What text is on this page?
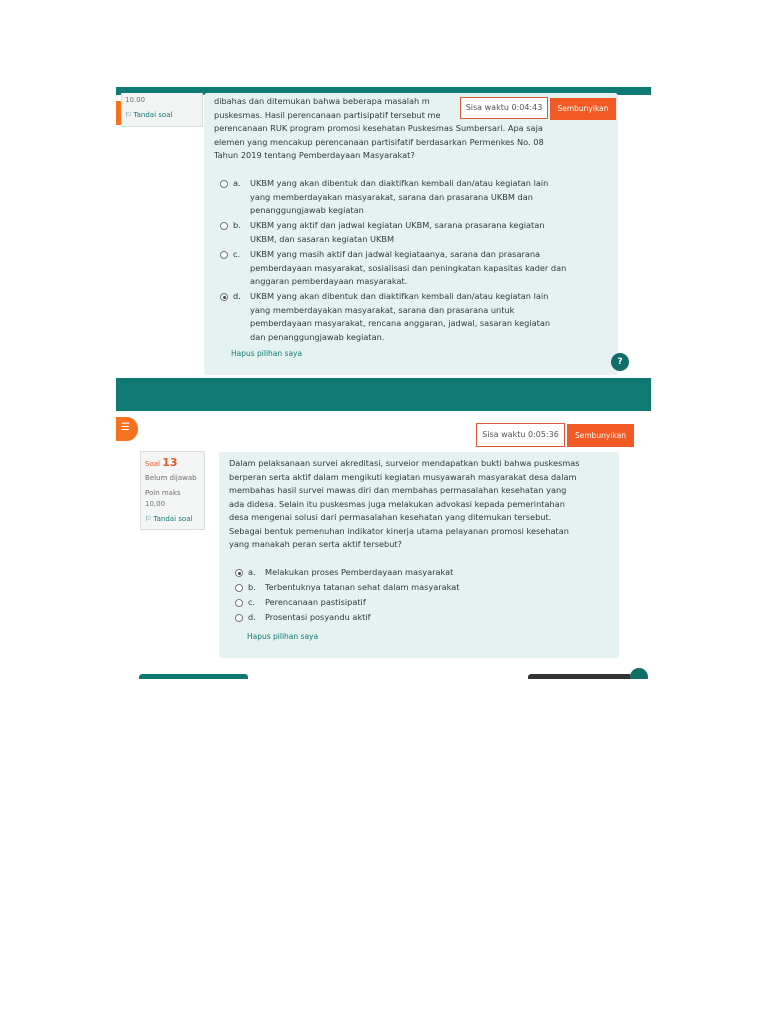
10.00
⚐ Tandai soal
dibahas dan ditemukan bahwa beberapa masalah m
puskesmas. Hasil perencanaan partisipatif tersebut me
perencanaan RUK program promosi kesehatan Puskesmas Sumbersari. Apa saja
elemen yang mencakup perencanaan partisifatif berdasarkan Permenkes No. 08
Tahun 2019 tentang Pemberdayaan Masyarakat?
a. UKBM yang akan dibentuk dan diaktifkan kembali dan/atau kegiatan lain
yang memberdayakan masyarakat, sarana dan prasarana UKBM dan
penanggungjawab kegiatan
b. UKBM yang aktif dan jadwal kegiatan UKBM, sarana prasarana kegiatan
UKBM, dan sasaran kegiatan UKBM
c. UKBM yang masih aktif dan jadwal kegiataanya, sarana dan prasarana
pemberdayaan masyarakat, sosialisasi dan peningkatan kapasitas kader dan
anggaran pemberdayaan masyarakat.
d. UKBM yang akan dibentuk dan diaktifkan kembali dan/atau kegiatan lain
yang memberdayakan masyarakat, sarana dan prasarana untuk
pemberdayaan masyarakat, rencana anggaran, jadwal, sasaran kegiatan
dan penanggungjawab kegiatan.
Hapus pilihan saya
Sisa waktu 0:04:43	Sembunyikan
?
☰
Soal 13
Belum dijawab
Poin maks
10,00
⚐ Tandai soal
Sisa waktu 0:05:36	Sembunyikan
Dalam pelaksanaan survei akreditasi, surveior mendapatkan bukti bahwa puskesmas
berperan serta aktif dalam mengikuti kegiatan musyawarah masyarakat desa dalam
membahas hasil survei mawas diri dan membahas permasalahan kesehatan yang
ada didesa. Selain itu puskesmas juga melakukan advokasi kepada pemerintahan
desa mengenai solusi dari permasalahan kesehatan yang ditemukan tersebut.
Sebagai bentuk pemenuhan indikator kinerja utama pelayanan promosi kesehatan
yang manakah peran serta aktif tersebut?
a. Melakukan proses Pemberdayaan masyarakat
b. Terbentuknya tatanan sehat dalam masyarakat
c. Perencanaan pastisipatif
d. Prosentasi posyandu aktif
Hapus pilihan saya
